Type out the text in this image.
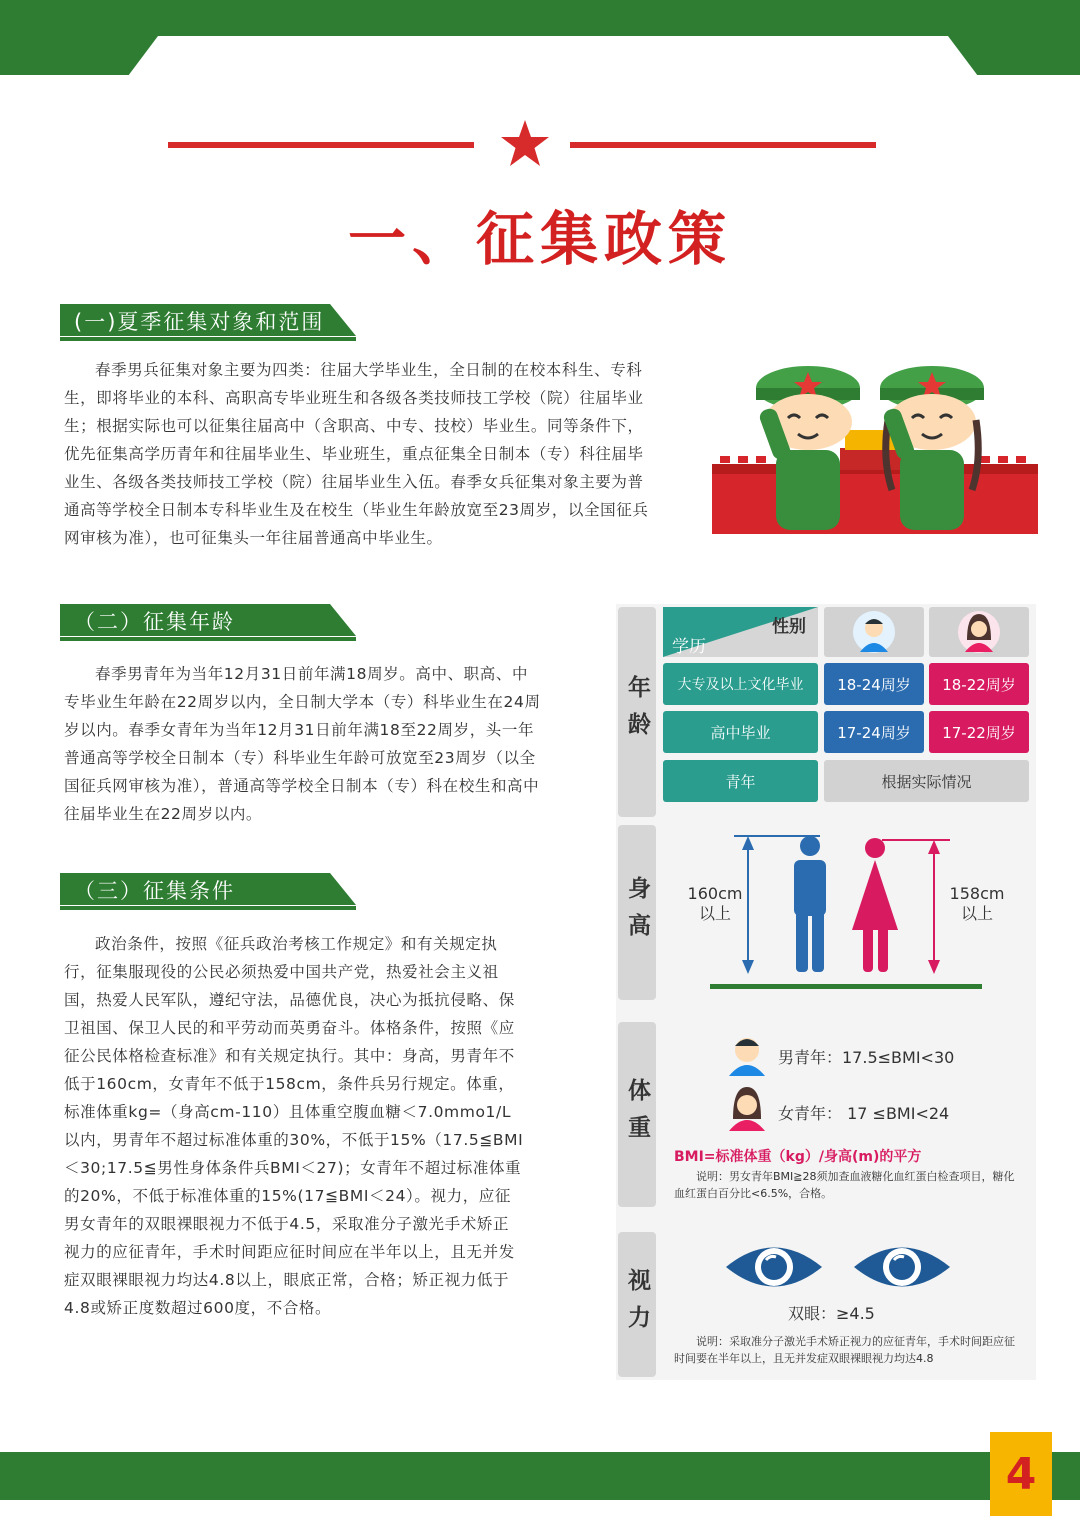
一、征集政策
(一)夏季征集对象和范围
春季男兵征集对象主要为四类：往届大学毕业生，全日制的在校本科生、专科生，即将毕业的本科、高职高专毕业班生和各级各类技师技工学校（院）往届毕业生；根据实际也可以征集往届高中（含职高、中专、技校）毕业生。同等条件下，优先征集高学历青年和往届毕业生、毕业班生，重点征集全日制本（专）科往届毕业生、各级各类技师技工学校（院）往届毕业生入伍。春季女兵征集对象主要为普通高等学校全日制本专科毕业生及在校生（毕业生年龄放宽至23周岁，以全国征兵网审核为准），也可征集头一年往届普通高中毕业生。
（二）征集年龄
春季男青年为当年12月31日前年满18周岁。高中、职高、中专毕业生年龄在22周岁以内，全日制大学本（专）科毕业生在24周岁以内。春季女青年为当年12月31日前年满18至22周岁，头一年普通高等学校全日制本（专）科毕业生年龄可放宽至23周岁（以全国征兵网审核为准），普通高等学校全日制本（专）科在校生和高中往届毕业生在22周岁以内。
（三）征集条件
政治条件，按照《征兵政治考核工作规定》和有关规定执行，征集服现役的公民必须热爱中国共产党，热爱社会主义祖国，热爱人民军队，遵纪守法，品德优良，决心为抵抗侵略、保卫祖国、保卫人民的和平劳动而英勇奋斗。体格条件，按照《应征公民体格检查标准》和有关规定执行。其中：身高，男青年不低于160cm，女青年不低于158cm，条件兵另行规定。体重，标准体重kg=（身高cm-110）且体重空腹血糖＜7.0mmo1/L以内，男青年不超过标准体重的30%，不低于15%（17.5≦BMI＜30;17.5≦男性身体条件兵BMI＜27)；女青年不超过标准体重的20%，不低于标准体重的15%(17≦BMI＜24）。视力，应征男女青年的双眼裸眼视力不低于4.5，采取准分子激光手术矫正视力的应征青年，手术时间距应征时间应在半年以上，且无并发症双眼裸眼视力均达4.8以上，眼底正常，合格；矫正视力低于4.8或矫正度数超过600度，不合格。
年龄
性别
学历
大专及以上文化毕业	18-24周岁	18-22周岁
高中毕业	17-24周岁	17-22周岁
青年	根据实际情况
身高	160cm
以上
158cm
以上
体重
男青年：17.5≤BMI<30
女青年： 17 ≤BMI<24
BMI=标准体重（kg）/身高(m)的平方
说明：男女青年BMI≧28须加查血液糖化血红蛋白检查项目，糖化血红蛋白百分比<6.5%，合格。
视力	双眼：≥4.5
说明：采取准分子激光手术矫正视力的应征青年，手术时间距应征时间要在半年以上，且无并发症双眼裸眼视力均达4.8
4
